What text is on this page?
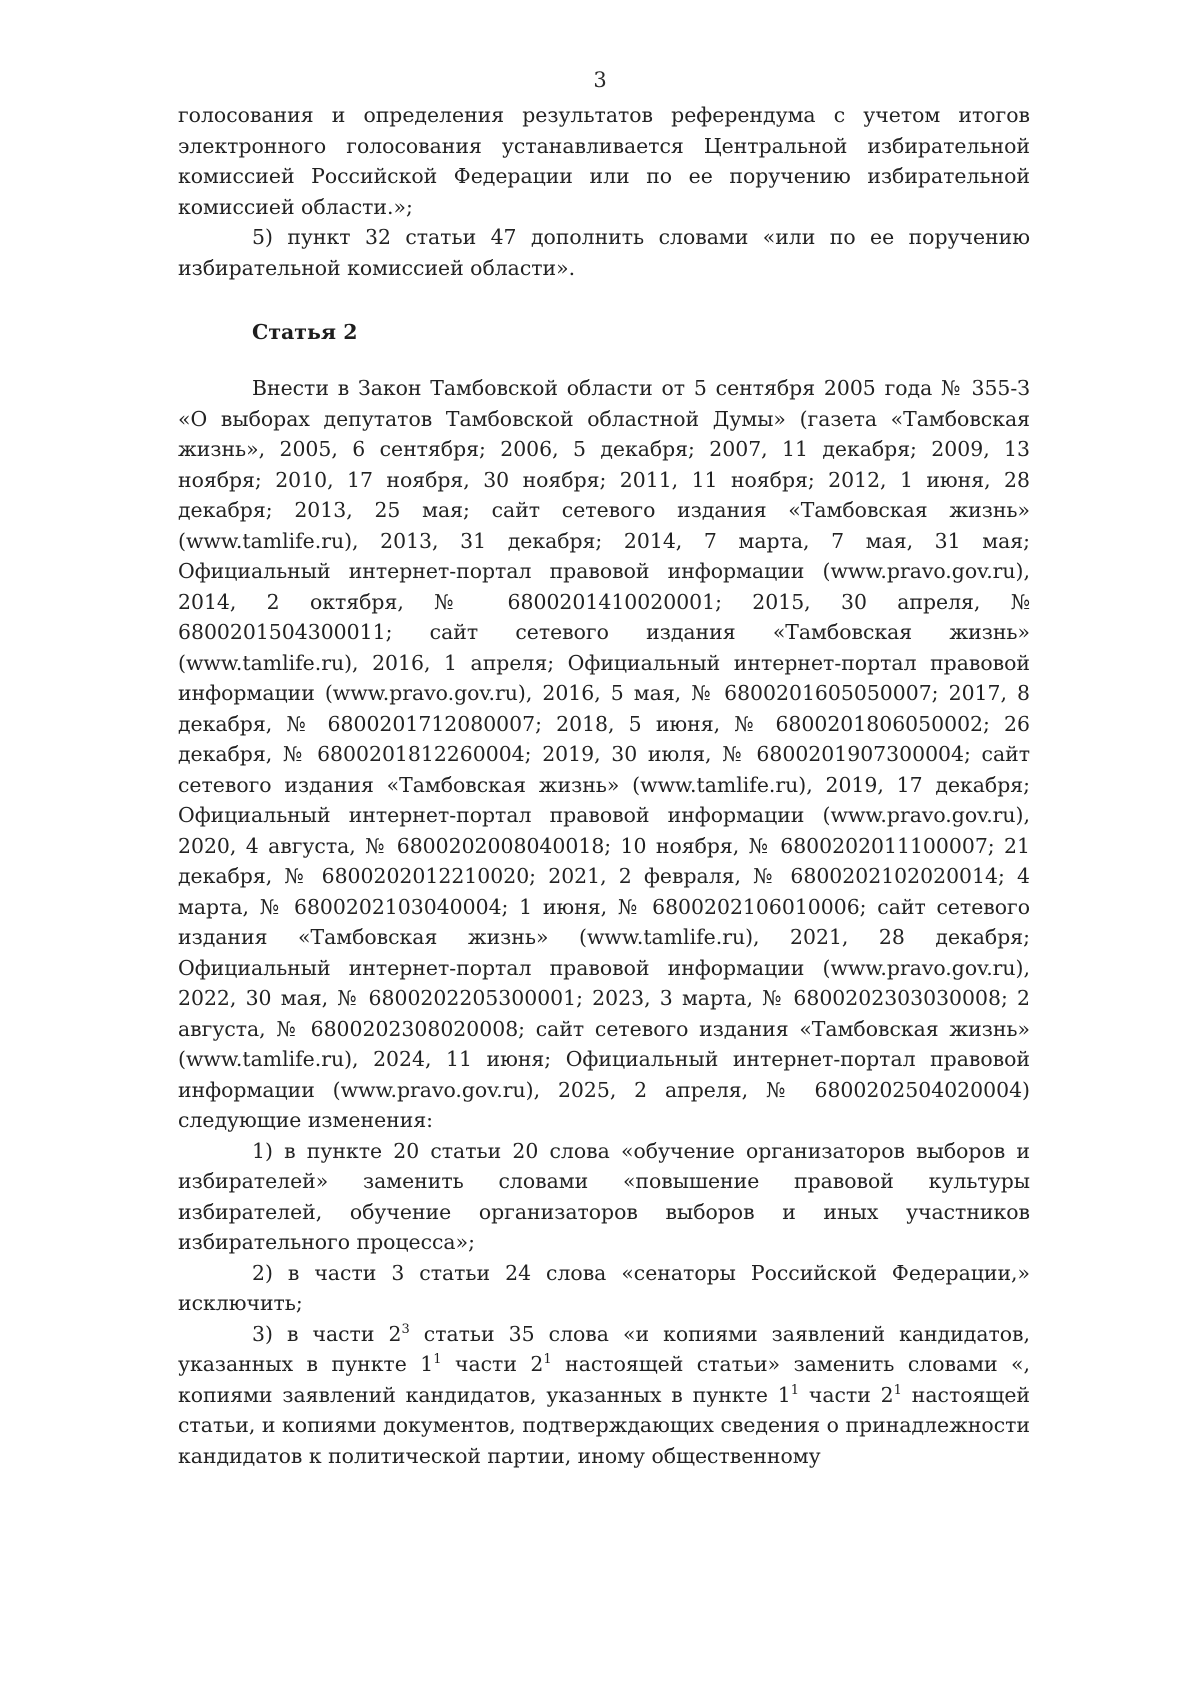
3

голосования и определения результатов референдума с учетом итогов электронного голосования устанавливается Центральной избирательной комиссией Российской Федерации или по ее поручению избирательной комиссией области.»;

5) пункт 32 статьи 47 дополнить словами «или по ее поручению избирательной комиссией области».

Статья 2

Внести в Закон Тамбовской области от 5 сентября 2005 года № 355-З «О выборах депутатов Тамбовской областной Думы» (газета «Тамбовская жизнь», 2005, 6 сентября; 2006, 5 декабря; 2007, 11 декабря; 2009, 13 ноября; 2010, 17 ноября, 30 ноября; 2011, 11 ноября; 2012, 1 июня, 28 декабря; 2013, 25 мая; сайт сетевого издания «Тамбовская жизнь» (www.tamlife.ru), 2013, 31 декабря; 2014, 7 марта, 7 мая, 31 мая; Официальный интернет-портал правовой информации (www.pravo.gov.ru), 2014, 2 октября, № 6800201410020001; 2015, 30 апреля, № 6800201504300011; сайт сетевого издания «Тамбовская жизнь» (www.tamlife.ru), 2016, 1 апреля; Официальный интернет-портал правовой информации (www.pravo.gov.ru), 2016, 5 мая, № 6800201605050007; 2017, 8 декабря, № 6800201712080007; 2018, 5 июня, № 6800201806050002; 26 декабря, № 6800201812260004; 2019, 30 июля, № 6800201907300004; сайт сетевого издания «Тамбовская жизнь» (www.tamlife.ru), 2019, 17 декабря; Официальный интернет-портал правовой информации (www.pravo.gov.ru), 2020, 4 августа, № 6800202008040018; 10 ноября, № 6800202011100007; 21 декабря, № 6800202012210020; 2021, 2 февраля, № 6800202102020014; 4 марта, № 6800202103040004; 1 июня, № 6800202106010006; сайт сетевого издания «Тамбовская жизнь» (www.tamlife.ru), 2021, 28 декабря; Официальный интернет-портал правовой информации (www.pravo.gov.ru), 2022, 30 мая, № 6800202205300001; 2023, 3 марта, № 6800202303030008; 2 августа, № 6800202308020008; сайт сетевого издания «Тамбовская жизнь» (www.tamlife.ru), 2024, 11 июня; Официальный интернет-портал правовой информации (www.pravo.gov.ru), 2025, 2 апреля, № 6800202504020004) следующие изменения:

1) в пункте 20 статьи 20 слова «обучение организаторов выборов и избирателей» заменить словами «повышение правовой культуры избирателей, обучение организаторов выборов и иных участников избирательного процесса»;

2) в части 3 статьи 24 слова «сенаторы Российской Федерации,» исключить;

3) в части $2^3$ статьи 35 слова «и копиями заявлений кандидатов, указанных в пункте $1^1$ части $2^1$ настоящей статьи» заменить словами «, копиями заявлений кандидатов, указанных в пункте $1^1$ части $2^1$ настоящей статьи, и копиями документов, подтверждающих сведения о принадлежности кандидатов к политической партии, иному общественному
